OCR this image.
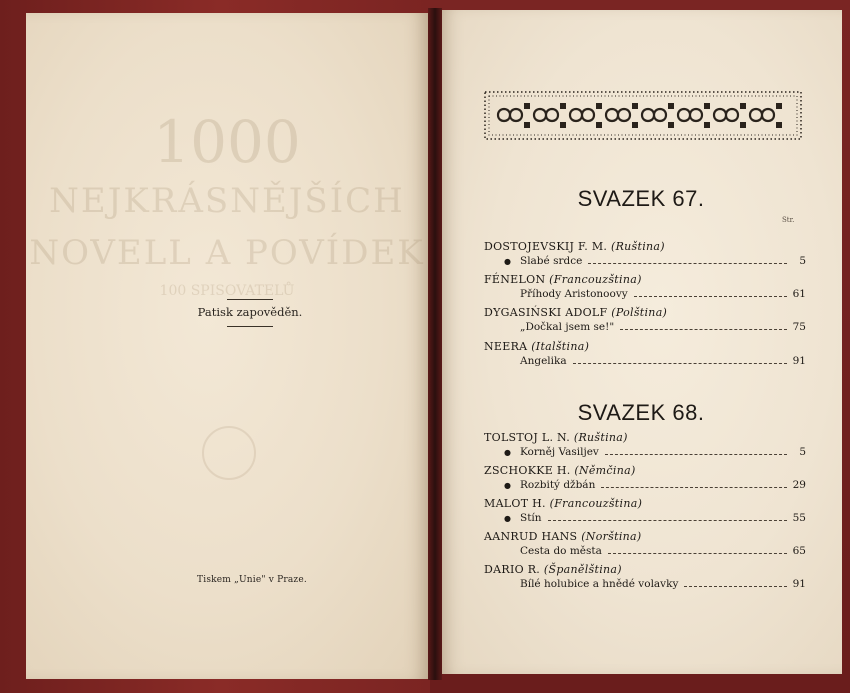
1000
NEJKRÁSNĚJŠÍCH
NOVELL A POVÍDEK
100 SPISOVATELŮ
Patisk zapověděn.
Tiskem „Unie" v Praze.
SVAZEK 67.
Str.
DOSTOJEVSKIJ F. M. (Ruština)
● Slabé srdce	5
FÉNELON (Francouzština)
Příhody Aristonoovy	61
DYGASIŃSKI ADOLF (Polština)
„Dočkal jsem se!"	75
NEERA (Italština)
Angelika	91
SVAZEK 68.
TOLSTOJ L. N. (Ruština)
● Korněj Vasiljev	5
ZSCHOKKE H. (Němčina)
● Rozbitý džbán	29
MALOT H. (Francouzština)
● Stín	55
AANRUD HANS (Norština)
Cesta do města	65
DARIO R. (Španělština)
Bílé holubice a hnědé volavky	91
